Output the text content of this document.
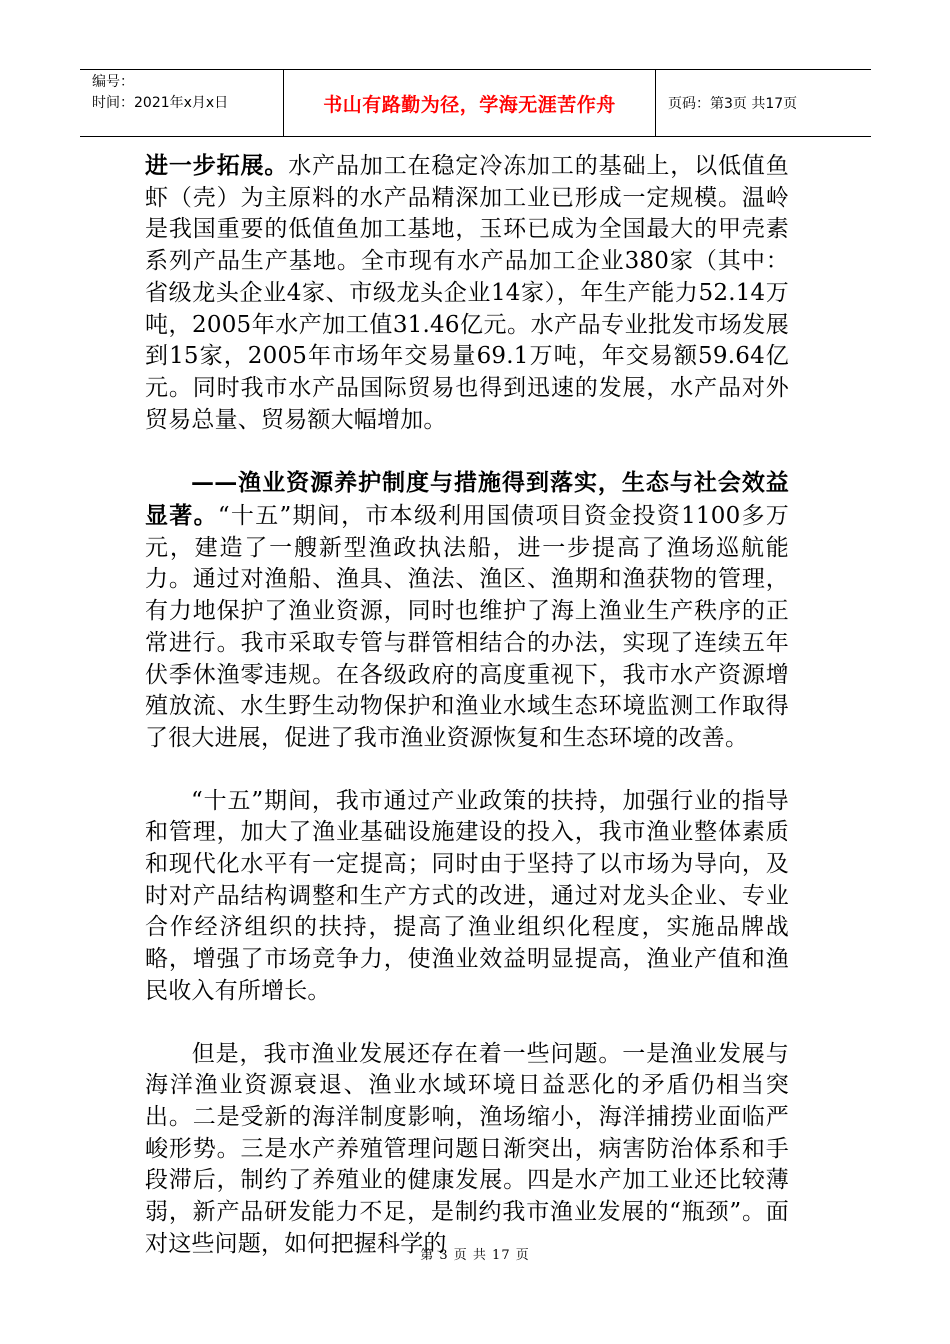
编号：
时间：2021年x月x日	书山有路勤为径，学海无涯苦作舟	页码：第3页 共17页

进一步拓展。水产品加工在稳定冷冻加工的基础上，以低值鱼虾（壳）为主原料的水产品精深加工业已形成一定规模。温岭是我国重要的低值鱼加工基地，玉环已成为全国最大的甲壳素系列产品生产基地。全市现有水产品加工企业380家（其中：省级龙头企业4家、市级龙头企业14家），年生产能力52.14万吨，2005年水产加工值31.46亿元。水产品专业批发市场发展到15家，2005年市场年交易量69.1万吨，年交易额59.64亿元。同时我市水产品国际贸易也得到迅速的发展，水产品对外贸易总量、贸易额大幅增加。

——渔业资源养护制度与措施得到落实，生态与社会效益显著。“十五”期间，市本级利用国债项目资金投资1100多万元，建造了一艘新型渔政执法船，进一步提高了渔场巡航能力。通过对渔船、渔具、渔法、渔区、渔期和渔获物的管理，有力地保护了渔业资源，同时也维护了海上渔业生产秩序的正常进行。我市采取专管与群管相结合的办法，实现了连续五年伏季休渔零违规。在各级政府的高度重视下，我市水产资源增殖放流、水生野生动物保护和渔业水域生态环境监测工作取得了很大进展，促进了我市渔业资源恢复和生态环境的改善。

“十五”期间，我市通过产业政策的扶持，加强行业的指导和管理，加大了渔业基础设施建设的投入，我市渔业整体素质和现代化水平有一定提高；同时由于坚持了以市场为导向，及时对产品结构调整和生产方式的改进，通过对龙头企业、专业合作经济组织的扶持，提高了渔业组织化程度，实施品牌战略，增强了市场竞争力，使渔业效益明显提高，渔业产值和渔民收入有所增长。

但是，我市渔业发展还存在着一些问题。一是渔业发展与海洋渔业资源衰退、渔业水域环境日益恶化的矛盾仍相当突出。二是受新的海洋制度影响，渔场缩小，海洋捕捞业面临严峻形势。三是水产养殖管理问题日渐突出，病害防治体系和手段滞后，制约了养殖业的健康发展。四是水产加工业还比较薄弱，新产品研发能力不足，是制约我市渔业发展的“瓶颈”。面对这些问题，如何把握科学的

第 3 页 共 17 页
